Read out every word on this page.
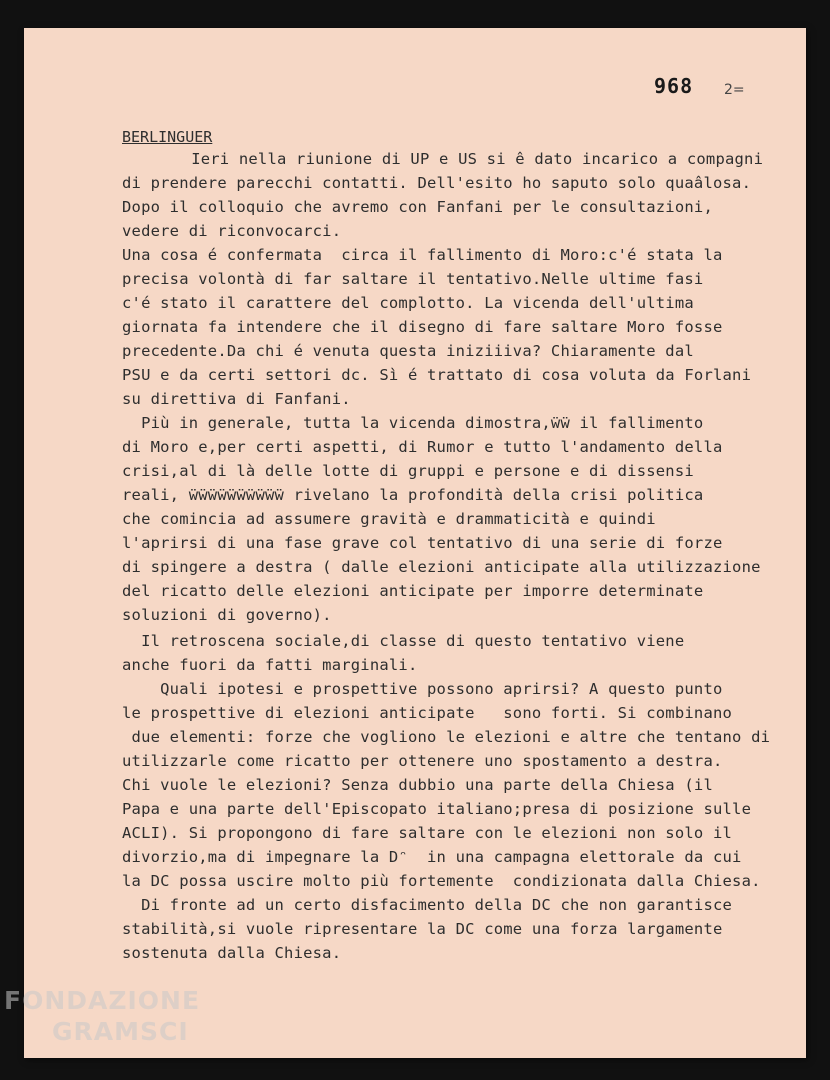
968 2=
BERLINGUER
Ieri nella riunione di UP e US si ê dato incarico a compagni
di prendere parecchi contatti. Dell'esito ho saputo solo quaâlosa.
Dopo il colloquio che avremo con Fanfani per le consultazioni,
vedere di riconvocarci.
Una cosa é confermata  circa il fallimento di Moro:c'é stata la
precisa volontà di far saltare il tentativo.Nelle ultime fasi
c'é stato il carattere del complotto. La vicenda dell'ultima
giornata fa intendere che il disegno di fare saltare Moro fosse
precedente.Da chi é venuta questa iniziiiva? Chiaramente dal
PSU e da certi settori dc. Sì é trattato di cosa voluta da Forlani
su direttiva di Fanfani.
Più in generale, tutta la vicenda dimostra,ẅẅ il fallimento
di Moro e,per certi aspetti, di Rumor e tutto l'andamento della
crisi,al di là delle lotte di gruppi e persone e di dissensi
reali, ẅẅẅẅẅẅẅẅẅẅ rivelano la profondità della crisi politica
che comincia ad assumere gravità e drammaticità e quindi
l'aprirsi di una fase grave col tentativo di una serie di forze
di spingere a destra ( dalle elezioni anticipate alla utilizzazione
del ricatto delle elezioni anticipate per imporre determinate
soluzioni di governo).
Il retroscena sociale,di classe di questo tentativo viene
anche fuori da fatti marginali.
Quali ipotesi e prospettive possono aprirsi? A questo punto
le prospettive di elezioni anticipate   sono forti. Si combinano
due elementi: forze che vogliono le elezioni e altre che tentano di
utilizzarle come ricatto per ottenere uno spostamento a destra.
Chi vuole le elezioni? Senza dubbio una parte della Chiesa (il
Papa e una parte dell'Episcopato italiano;presa di posizione sulle
ACLI). Si propongono di fare saltare con le elezioni non solo il
divorzio,ma di impegnare la Dᵔ  in una campagna elettorale da cui
la DC possa uscire molto più fortemente  condizionata dalla Chiesa.
Di fronte ad un certo disfacimento della DC che non garantisce
stabilità,si vuole ripresentare la DC come una forza largamente
sostenuta dalla Chiesa.
FONDAZIONE
GRAMSCI
